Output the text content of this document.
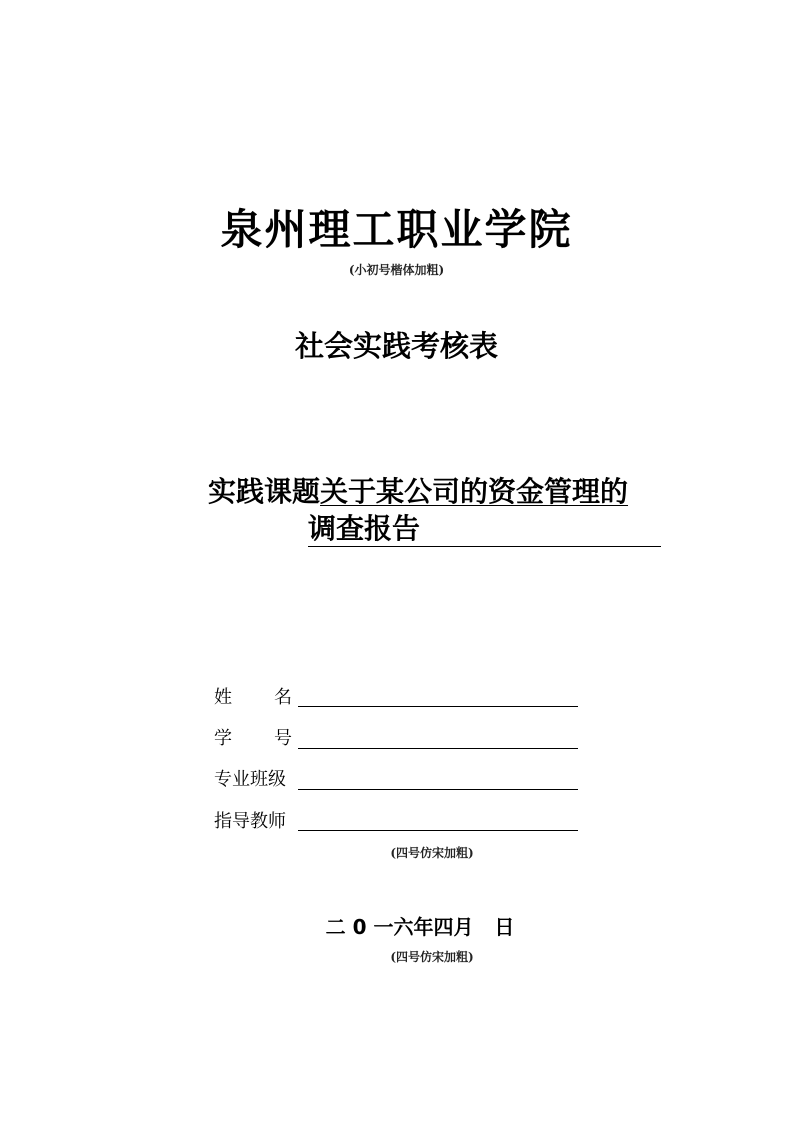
泉州理工职业学院
(小初号楷体加粗)
社会实践考核表
实践课题关于某公司的资金管理的
调查报告
姓 名
学 号
专业班级
指导教师
(四号仿宋加粗)
二 0 一六年四月   日
(四号仿宋加粗)
